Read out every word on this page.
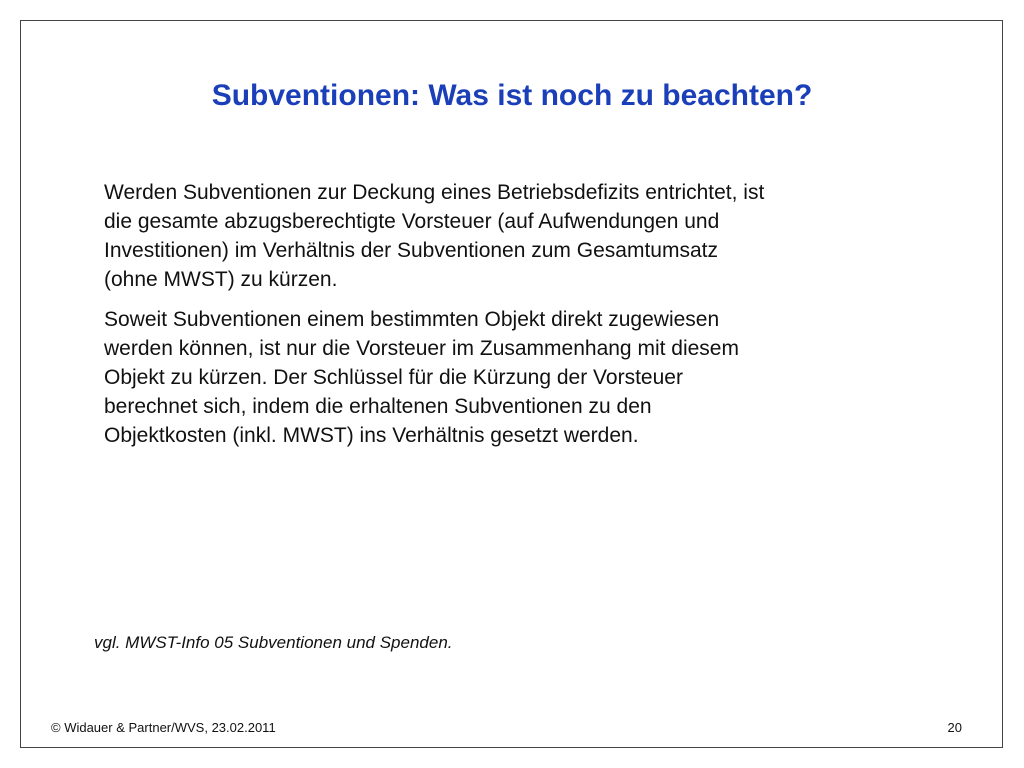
Subventionen: Was ist noch zu beachten?

Werden Subventionen zur Deckung eines Betriebsdefizits entrichtet, ist
die gesamte abzugsberechtigte Vorsteuer (auf Aufwendungen und
Investitionen) im Verhältnis der Subventionen zum Gesamtumsatz
(ohne MWST) zu kürzen.

Soweit Subventionen einem bestimmten Objekt direkt zugewiesen
werden können, ist nur die Vorsteuer im Zusammenhang mit diesem
Objekt zu kürzen. Der Schlüssel für die Kürzung der Vorsteuer
berechnet sich, indem die erhaltenen Subventionen zu den
Objektkosten (inkl. MWST) ins Verhältnis gesetzt werden.

vgl. MWST-Info 05 Subventionen und Spenden.
© Widauer & Partner/WVS, 23.02.2011	20
